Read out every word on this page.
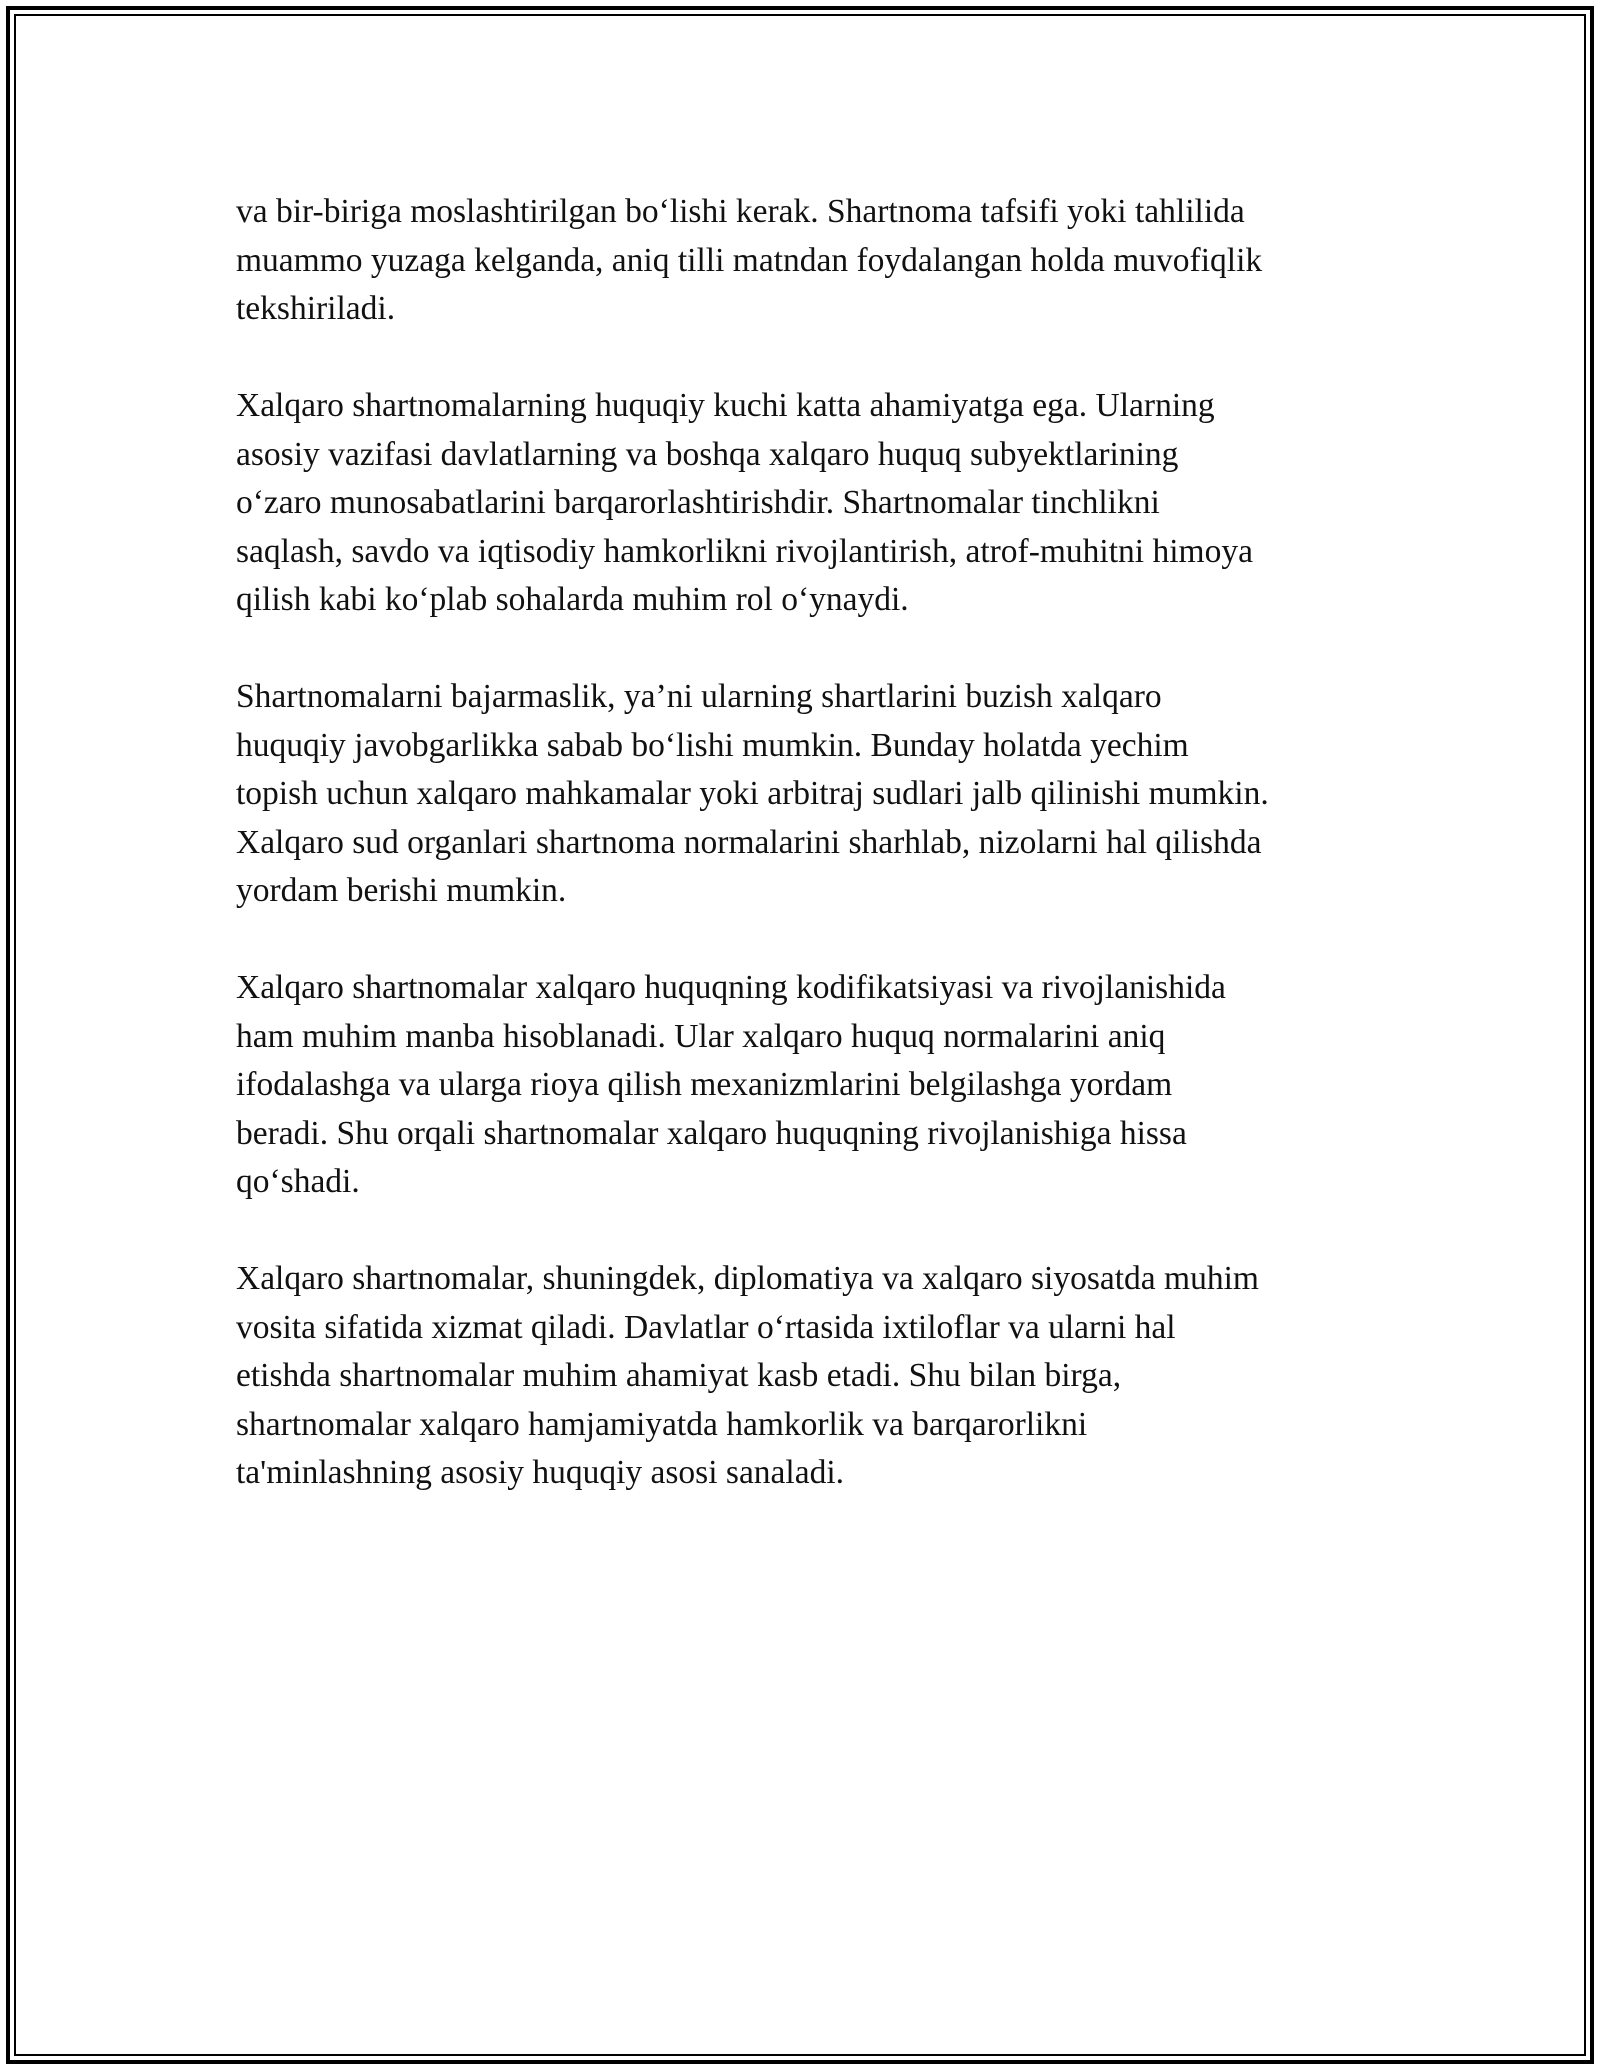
va bir-biriga moslashtirilgan bo‘lishi kerak. Shartnoma tafsifi yoki tahlilida
muammo yuzaga kelganda, aniq tilli matndan foydalangan holda muvofiqlik
tekshiriladi.

Xalqaro shartnomalarning huquqiy kuchi katta ahamiyatga ega. Ularning
asosiy vazifasi davlatlarning va boshqa xalqaro huquq subyektlarining
o‘zaro munosabatlarini barqarorlashtirishdir. Shartnomalar tinchlikni
saqlash, savdo va iqtisodiy hamkorlikni rivojlantirish, atrof-muhitni himoya
qilish kabi ko‘plab sohalarda muhim rol o‘ynaydi.

Shartnomalarni bajarmaslik, ya’ni ularning shartlarini buzish xalqaro
huquqiy javobgarlikka sabab bo‘lishi mumkin. Bunday holatda yechim
topish uchun xalqaro mahkamalar yoki arbitraj sudlari jalb qilinishi mumkin.
Xalqaro sud organlari shartnoma normalarini sharhlab, nizolarni hal qilishda
yordam berishi mumkin.

Xalqaro shartnomalar xalqaro huquqning kodifikatsiyasi va rivojlanishida
ham muhim manba hisoblanadi. Ular xalqaro huquq normalarini aniq
ifodalashga va ularga rioya qilish mexanizmlarini belgilashga yordam
beradi. Shu orqali shartnomalar xalqaro huquqning rivojlanishiga hissa
qo‘shadi.

Xalqaro shartnomalar, shuningdek, diplomatiya va xalqaro siyosatda muhim
vosita sifatida xizmat qiladi. Davlatlar o‘rtasida ixtiloflar va ularni hal
etishda shartnomalar muhim ahamiyat kasb etadi. Shu bilan birga,
shartnomalar xalqaro hamjamiyatda hamkorlik va barqarorlikni
ta'minlashning asosiy huquqiy asosi sanaladi.
